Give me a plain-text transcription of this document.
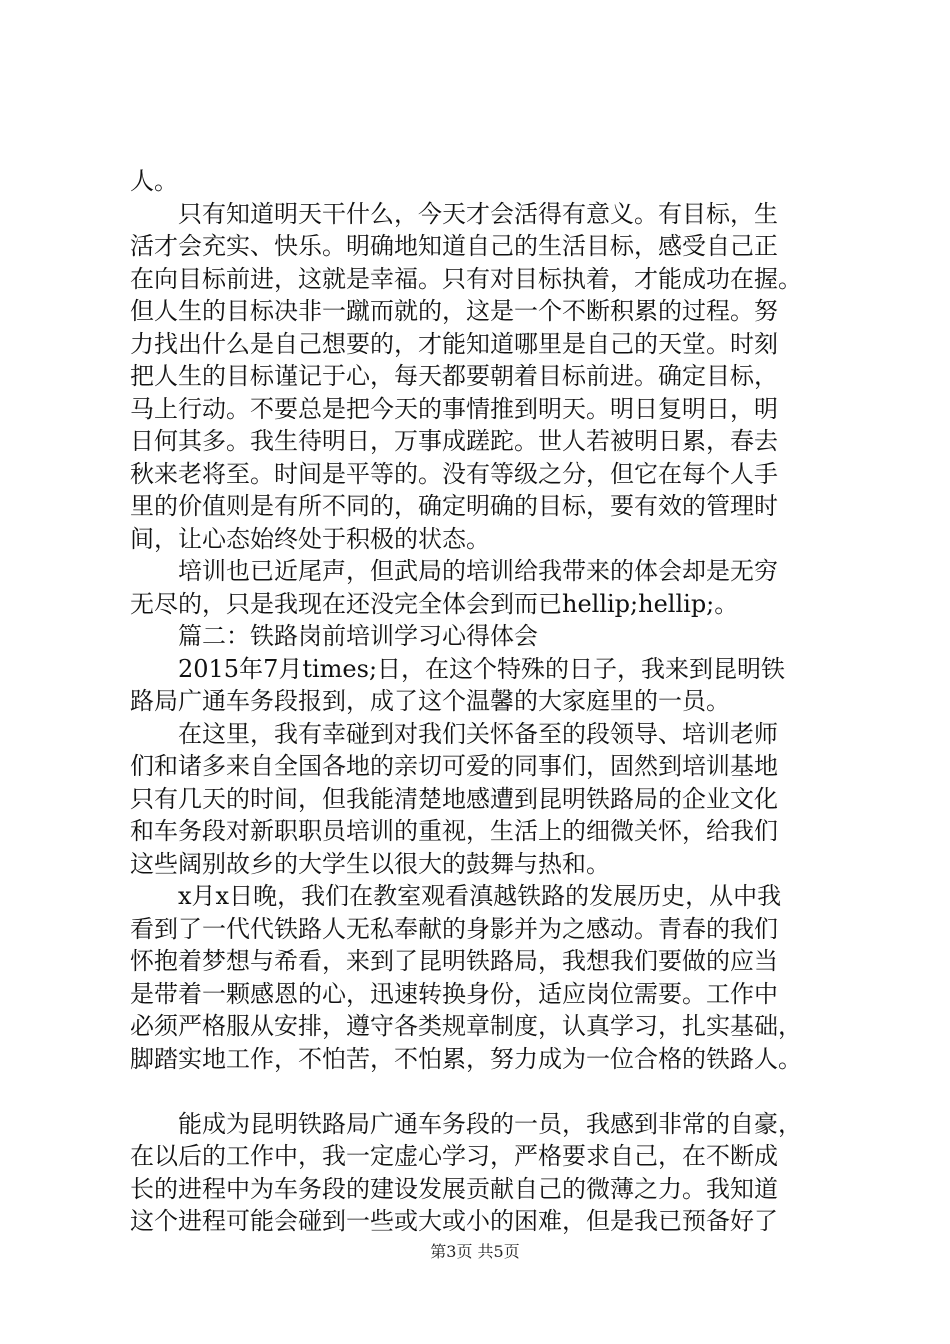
人。
　　只有知道明天干什么，今天才会活得有意义。有目标，生
活才会充实、快乐。明确地知道自己的生活目标，感受自己正
在向目标前进，这就是幸福。只有对目标执着，才能成功在握。
但人生的目标决非一蹴而就的，这是一个不断积累的过程。努
力找出什么是自己想要的，才能知道哪里是自己的天堂。时刻
把人生的目标谨记于心，每天都要朝着目标前进。确定目标，
马上行动。不要总是把今天的事情推到明天。明日复明日，明
日何其多。我生待明日，万事成蹉跎。世人若被明日累，春去
秋来老将至。时间是平等的。没有等级之分，但它在每个人手
里的价值则是有所不同的，确定明确的目标，要有效的管理时
间，让心态始终处于积极的状态。
　　培训也已近尾声，但武局的培训给我带来的体会却是无穷
无尽的，只是我现在还没完全体会到而已hellip;hellip;。
　　篇二：铁路岗前培训学习心得体会
　　2015年7月times;日，在这个特殊的日子，我来到昆明铁
路局广通车务段报到，成了这个温馨的大家庭里的一员。
　　在这里，我有幸碰到对我们关怀备至的段领导、培训老师
们和诸多来自全国各地的亲切可爱的同事们，固然到培训基地
只有几天的时间，但我能清楚地感遭到昆明铁路局的企业文化
和车务段对新职职员培训的重视，生活上的细微关怀，给我们
这些阔别故乡的大学生以很大的鼓舞与热和。
　　x月x日晚，我们在教室观看滇越铁路的发展历史，从中我
看到了一代代铁路人无私奉献的身影并为之感动。青春的我们
怀抱着梦想与希看，来到了昆明铁路局，我想我们要做的应当
是带着一颗感恩的心，迅速转换身份，适应岗位需要。工作中
必须严格服从安排，遵守各类规章制度，认真学习，扎实基础，
脚踏实地工作，不怕苦，不怕累，努力成为一位合格的铁路人。
　　能成为昆明铁路局广通车务段的一员，我感到非常的自豪，
在以后的工作中，我一定虚心学习，严格要求自己，在不断成
长的进程中为车务段的建设发展贡献自己的微薄之力。我知道
这个进程可能会碰到一些或大或小的困难，但是我已预备好了
第3页 共5页
